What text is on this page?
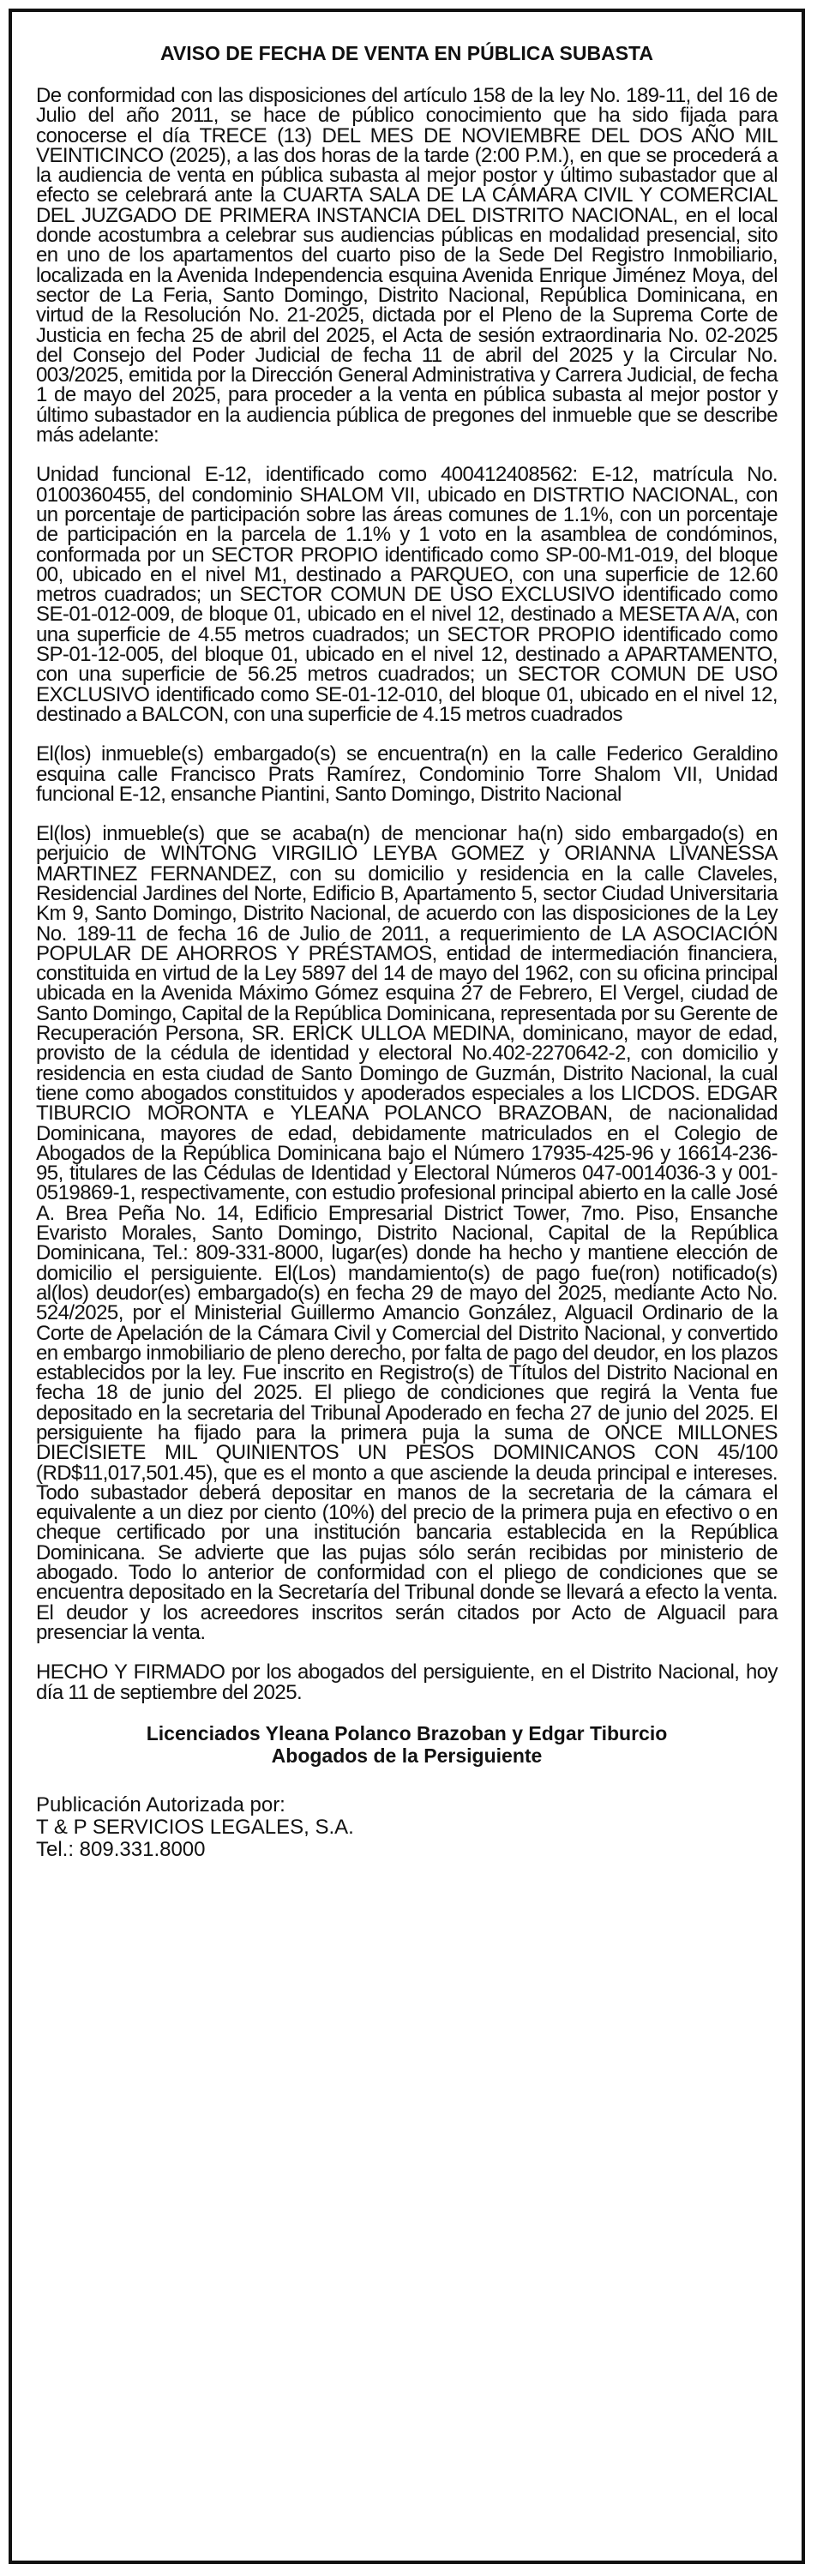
AVISO DE FECHA DE VENTA EN PÚBLICA SUBASTA

De conformidad con las disposiciones del artículo 158 de la ley No. 189-11, del 16 de Julio del año 2011, se hace de público conocimiento que ha sido fijada para conocerse el día TRECE (13) DEL MES DE NOVIEMBRE DEL DOS AÑO MIL VEINTICINCO (2025), a las dos horas de la tarde (2:00 P.M.), en que se procederá a la audiencia de venta en pública subasta al mejor postor y último subastador que al efecto se celebrará ante la CUARTA SALA DE LA CÁMARA CIVIL Y COMERCIAL DEL JUZGADO DE PRIMERA INSTANCIA DEL DISTRITO NACIONAL, en el local donde acostumbra a celebrar sus audiencias públicas en modalidad presencial, sito en uno de los apartamentos del cuarto piso de la Sede Del Registro Inmobiliario, localizada en la Avenida Independencia esquina Avenida Enrique Jiménez Moya, del sector de La Feria, Santo Domingo, Distrito Nacional, República Dominicana, en virtud de la Resolución No. 21-2025, dictada por el Pleno de la Suprema Corte de Justicia en fecha 25 de abril del 2025, el Acta de sesión extraordinaria No. 02-2025 del Consejo del Poder Judicial de fecha 11 de abril del 2025 y la Circular No. 003/2025, emitida por la Dirección General Administrativa y Carrera Judicial, de fecha 1 de mayo del 2025, para proceder a la venta en pública subasta al mejor postor y último subastador en la audiencia pública de pregones del inmueble que se describe más adelante:

Unidad funcional E-12, identificado como 400412408562: E-12, matrícula No. 0100360455, del condominio SHALOM VII, ubicado en DISTRTIO NACIONAL, con un porcentaje de participación sobre las áreas comunes de 1.1%, con un porcentaje de participación en la parcela de 1.1% y 1 voto en la asamblea de condóminos, conformada por un SECTOR PROPIO identificado como SP-00-M1-019, del bloque 00, ubicado en el nivel M1, destinado a PARQUEO, con una superficie de 12.60 metros cuadrados; un SECTOR COMUN DE USO EXCLUSIVO identificado como SE-01-012-009, de bloque 01, ubicado en el nivel 12, destinado a MESETA A/A, con una superficie de 4.55 metros cuadrados; un SECTOR PROPIO identificado como SP-01-12-005, del bloque 01, ubicado en el nivel 12, destinado a APARTAMENTO, con una superficie de 56.25 metros cuadrados; un SECTOR COMUN DE USO EXCLUSIVO identificado como SE-01-12-010, del bloque 01, ubicado en el nivel 12, destinado a BALCON, con una superficie de 4.15 metros cuadrados

El(los) inmueble(s) embargado(s) se encuentra(n) en la calle Federico Geraldino esquina calle Francisco Prats Ramírez, Condominio Torre Shalom VII, Unidad funcional E-12, ensanche Piantini, Santo Domingo, Distrito Nacional

El(los) inmueble(s) que se acaba(n) de mencionar ha(n) sido embargado(s) en perjuicio de WINTONG VIRGILIO LEYBA GOMEZ y ORIANNA LIVANESSA MARTINEZ FERNANDEZ, con su domicilio y residencia en la calle Claveles, Residencial Jardines del Norte, Edificio B, Apartamento 5, sector Ciudad Universitaria Km 9, Santo Domingo, Distrito Nacional, de acuerdo con las disposiciones de la Ley No. 189-11 de fecha 16 de Julio de 2011, a requerimiento de LA ASOCIACIÓN POPULAR DE AHORROS Y PRÉSTAMOS, entidad de intermediación financiera, constituida en virtud de la Ley 5897 del 14 de mayo del 1962, con su oficina principal ubicada en la Avenida Máximo Gómez esquina 27 de Febrero, El Vergel, ciudad de Santo Domingo, Capital de la República Dominicana, representada por su Gerente de Recuperación Persona, SR. ERICK ULLOA MEDINA, dominicano, mayor de edad, provisto de la cédula de identidad y electoral No.402-2270642-2, con domicilio y residencia en esta ciudad de Santo Domingo de Guzmán, Distrito Nacional, la cual tiene como abogados constituidos y apoderados especiales a los LICDOS. EDGAR TIBURCIO MORONTA e YLEANA POLANCO BRAZOBAN, de nacionalidad Dominicana, mayores de edad, debidamente matriculados en el Colegio de Abogados de la República Dominicana bajo el Número 17935-425-96 y 16614-236-95, titulares de las Cédulas de Identidad y Electoral Números 047-0014036-3 y 001-0519869-1, respectivamente, con estudio profesional principal abierto en la calle José A. Brea Peña No. 14, Edificio Empresarial District Tower, 7mo. Piso, Ensanche Evaristo Morales, Santo Domingo, Distrito Nacional, Capital de la República Dominicana, Tel.: 809-331-8000, lugar(es) donde ha hecho y mantiene elección de domicilio el persiguiente. El(Los) mandamiento(s) de pago fue(ron) notificado(s) al(los) deudor(es) embargado(s) en fecha 29 de mayo del 2025, mediante Acto No. 524/2025, por el Ministerial Guillermo Amancio González, Alguacil Ordinario de la Corte de Apelación de la Cámara Civil y Comercial del Distrito Nacional, y convertido en embargo inmobiliario de pleno derecho, por falta de pago del deudor, en los plazos establecidos por la ley. Fue inscrito en Registro(s) de Títulos del Distrito Nacional en fecha 18 de junio del 2025. El pliego de condiciones que regirá la Venta fue depositado en la secretaria del Tribunal Apoderado en fecha 27 de junio del 2025. El persiguiente ha fijado para la primera puja la suma de ONCE MILLONES DIECISIETE MIL QUINIENTOS UN PESOS DOMINICANOS CON 45/100 (RD$11,017,501.45), que es el monto a que asciende la deuda principal e intereses. Todo subastador deberá depositar en manos de la secretaria de la cámara el equivalente a un diez por ciento (10%) del precio de la primera puja en efectivo o en cheque certificado por una institución bancaria establecida en la República Dominicana. Se advierte que las pujas sólo serán recibidas por ministerio de abogado. Todo lo anterior de conformidad con el pliego de condiciones que se encuentra depositado en la Secretaría del Tribunal donde se llevará a efecto la venta. El deudor y los acreedores inscritos serán citados por Acto de Alguacil para presenciar la venta.

HECHO Y FIRMADO por los abogados del persiguiente, en el Distrito Nacional, hoy día 11 de septiembre del 2025.

Licenciados Yleana Polanco Brazoban y Edgar Tiburcio
Abogados de la Persiguiente
Publicación Autorizada por:
T & P SERVICIOS LEGALES, S.A.
Tel.: 809.331.8000
